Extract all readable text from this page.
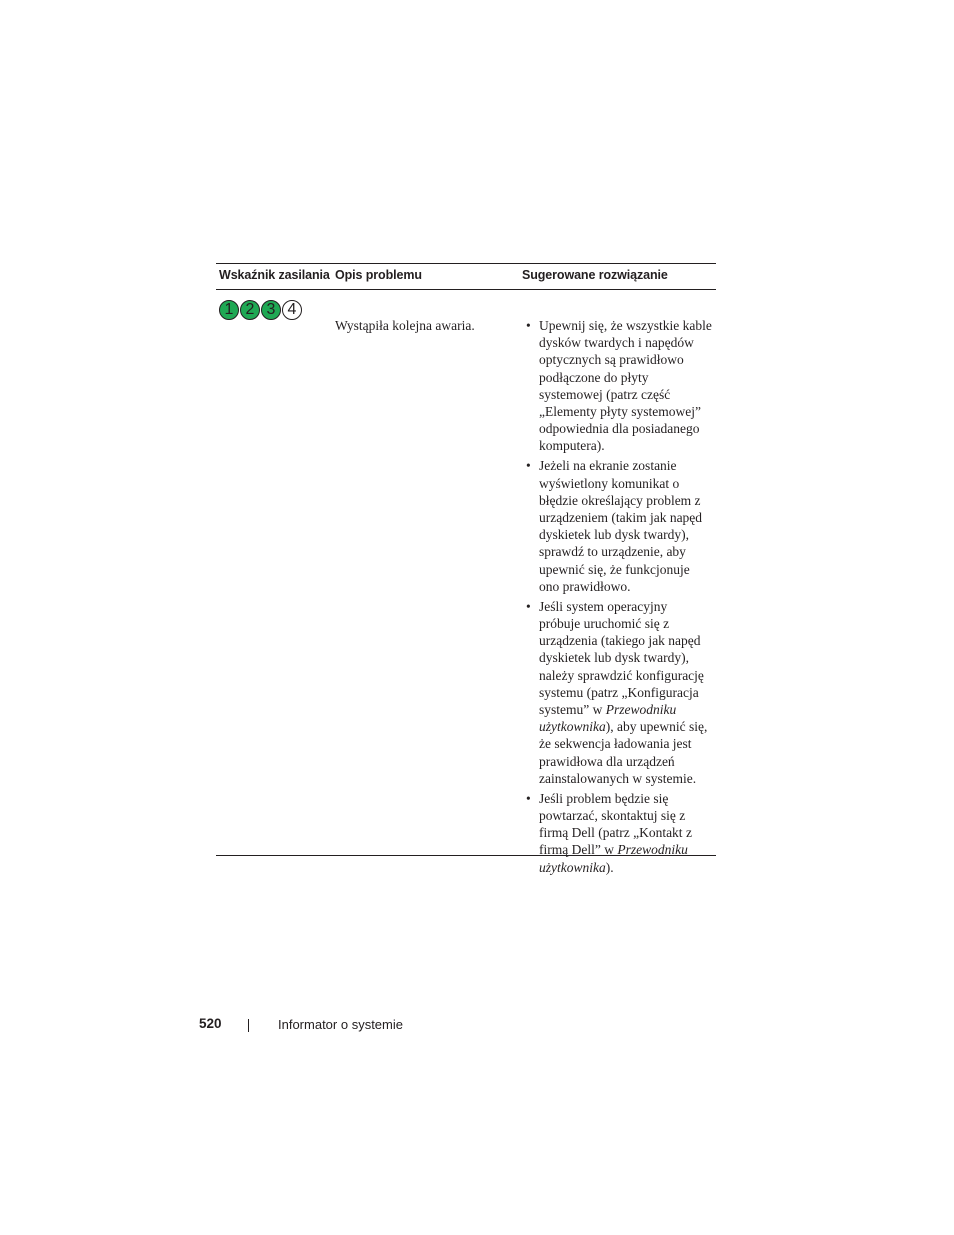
Wskaźnik zasilania Opis problemu	Sugerowane rozwiązanie
1 2 3 4
Wystąpiła kolejna awaria.
•	Upewnij się, że wszystkie kable
dysków twardych i napędów
optycznych są prawidłowo
podłączone do płyty
systemowej (patrz część
„Elementy płyty systemowej”
odpowiednia dla posiadanego
komputera).
• Jeżeli na ekranie zostanie
wyświetlony komunikat o
błędzie określający problem z
urządzeniem (takim jak napęd
dyskietek lub dysk twardy),
sprawdź to urządzenie, aby
upewnić się, że funkcjonuje
ono prawidłowo.
• Jeśli system operacyjny
próbuje uruchomić się z
urządzenia (takiego jak napęd
dyskietek lub dysk twardy),
należy sprawdzić konfigurację
systemu (patrz „Konfiguracja
systemu” w Przewodniku
użytkownika), aby upewnić się,
że sekwencja ładowania jest
prawidłowa dla urządzeń
zainstalowanych w systemie.
• Jeśli problem będzie się
powtarzać, skontaktuj się z
firmą Dell (patrz „Kontakt z
firmą Dell” w Przewodniku
użytkownika).
520	Informator o systemie
